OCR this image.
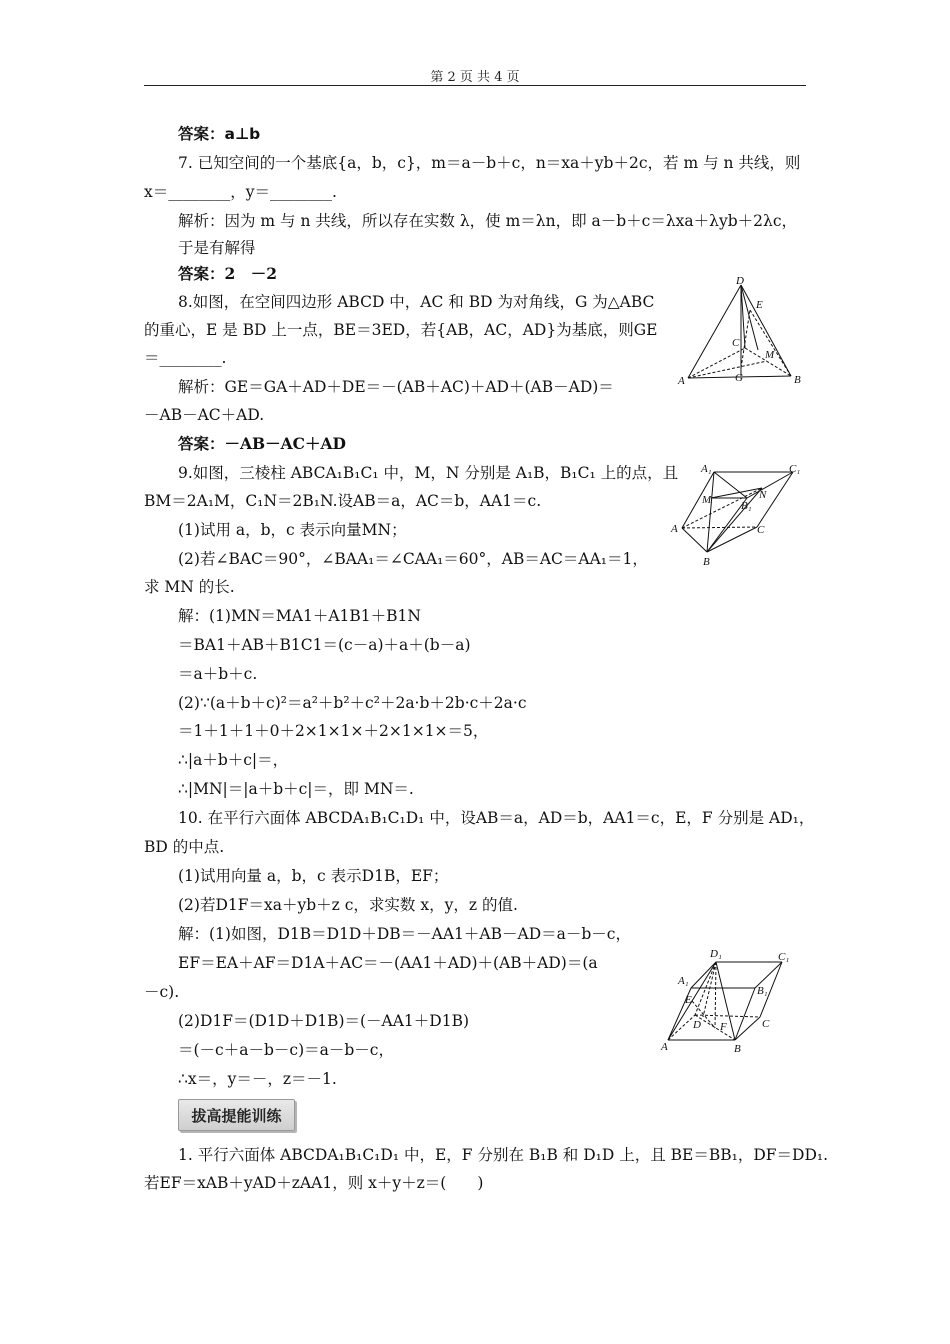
第 2 页 共 4 页
答案：a⊥b
7. 已知空间的一个基底{a，b，c}，m＝a－b＋c，n＝xa＋yb＋2c，若 m 与 n 共线，则
x＝________，y＝________.
解析：因为 m 与 n 共线，所以存在实数 λ，使 m＝λn，即 a－b＋c＝λxa＋λyb＋2λc，
于是有解得
答案：2　－2
8.如图，在空间四边形 ABCD 中，AC 和 BD 为对角线，G 为△ABC
的重心，E 是 BD 上一点，BE＝3ED，若{AB，AC，AD}为基底，则GE
＝________.
解析：GE＝GA＋AD＋DE＝－(AB＋AC)＋AD＋(AB－AD)＝
－AB－AC＋AD.
答案：－AB－AC＋AD
9.如图，三棱柱 ABCA₁B₁C₁ 中，M，N 分别是 A₁B，B₁C₁ 上的点，且
BM＝2A₁M，C₁N＝2B₁N.设AB＝a，AC＝b，AA1＝c.
(1)试用 a，b，c 表示向量MN；
(2)若∠BAC＝90°，∠BAA₁＝∠CAA₁＝60°，AB＝AC＝AA₁＝1，
求 MN 的长.
解：(1)MN＝MA1＋A1B1＋B1N
＝BA1＋AB＋B1C1＝(c－a)＋a＋(b－a)
＝a＋b＋c.
(2)∵(a＋b＋c)²＝a²＋b²＋c²＋2a·b＋2b·c＋2a·c
＝1＋1＋1＋0＋2×1×1×＋2×1×1×＝5，
∴|a＋b＋c|＝，
∴|MN|＝|a＋b＋c|＝，即 MN＝.
10. 在平行六面体 ABCDA₁B₁C₁D₁ 中，设AB＝a，AD＝b，AA1＝c，E，F 分别是 AD₁，
BD 的中点.
(1)试用向量 a，b，c 表示D1B，EF；
(2)若D1F＝xa＋yb＋z c，求实数 x，y，z 的值.
解：(1)如图，D1B＝D1D＋DB＝－AA1＋AB－AD＝a－b－c，
EF＝EA＋AF＝D1A＋AC＝－(AA1＋AD)＋(AB＋AD)＝(a
－c).
(2)D1F＝(D1D＋D1B)＝(－AA1＋D1B)
＝(－c＋a－b－c)＝a－b－c，
∴x＝，y＝－，z＝－1.
拔高提能训练
1. 平行六面体 ABCDA₁B₁C₁D₁ 中，E，F 分别在 B₁B 和 D₁D 上，且 BE＝BB₁，DF＝DD₁.
若EF＝xAB＋yAD＋zAA1，则 x＋y＋z＝(　　)
D
E
C
M
A	G	B
A₁	C₁
M	N
B₁
A	C
B
D₁	C₁
A₁
B₁
E
D F	C
A	B
